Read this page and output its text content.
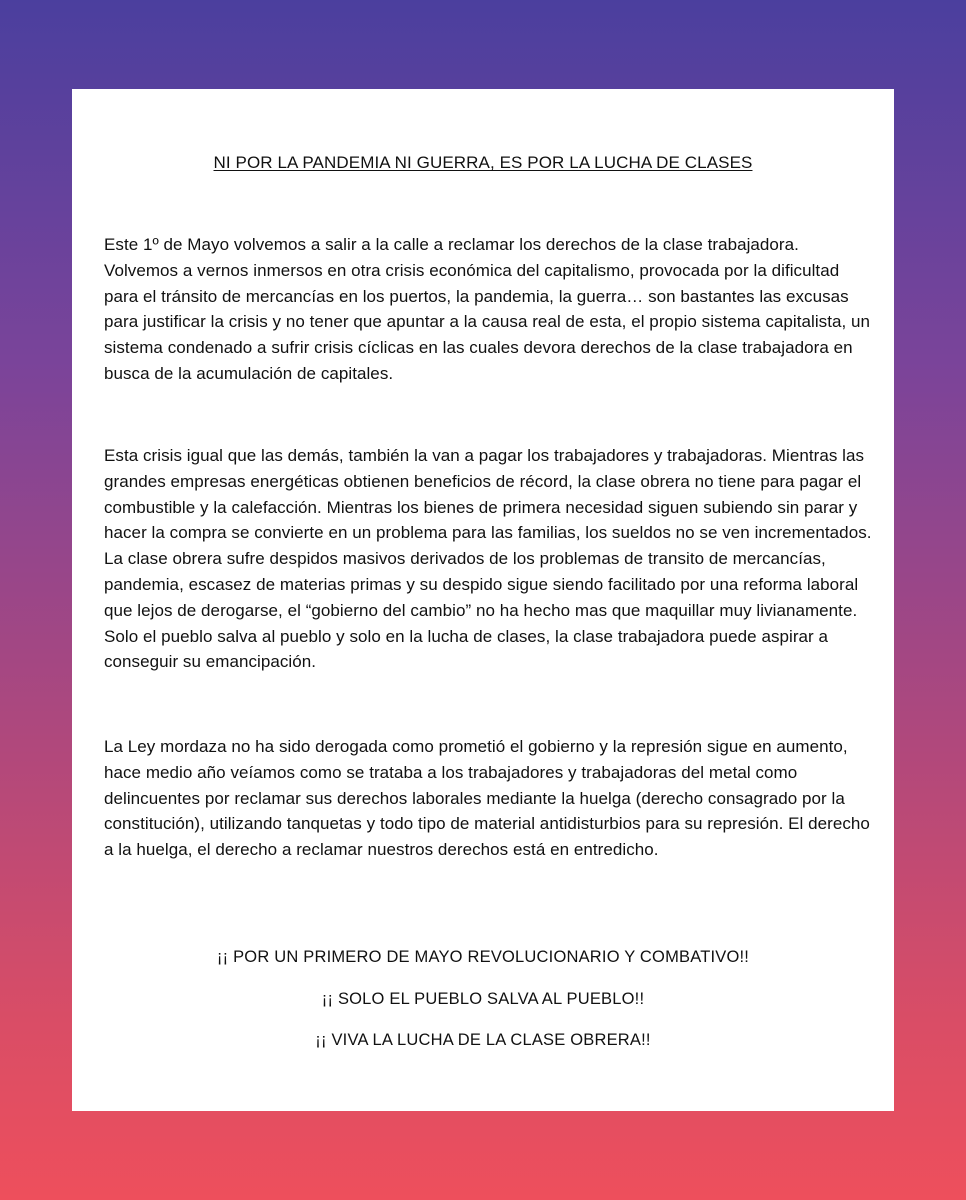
NI POR LA PANDEMIA NI GUERRA, ES POR LA LUCHA DE CLASES

Este 1º de Mayo volvemos a salir a la calle a reclamar los derechos de la clase trabajadora. Volvemos a vernos inmersos en otra crisis económica del capitalismo, provocada por la dificultad para el tránsito de mercancías en los puertos, la pandemia, la guerra… son bastantes las excusas para justificar la crisis y no tener que apuntar a la causa real de esta, el propio sistema capitalista, un sistema condenado a sufrir crisis cíclicas en las cuales devora derechos de la clase trabajadora en busca de la acumulación de capitales.

Esta crisis igual que las demás, también la van a pagar los trabajadores y trabajadoras. Mientras las grandes empresas energéticas obtienen beneficios de récord, la clase obrera no tiene para pagar el combustible y la calefacción. Mientras los bienes de primera necesidad siguen subiendo sin parar y hacer la compra se convierte en un problema para las familias, los sueldos no se ven incrementados. La clase obrera sufre despidos masivos derivados de los problemas de transito de mercancías, pandemia, escasez de materias primas y su despido sigue siendo facilitado por una reforma laboral que lejos de derogarse, el “gobierno del cambio” no ha hecho mas que maquillar muy livianamente. Solo el pueblo salva al pueblo y solo en la lucha de clases, la clase trabajadora puede aspirar a conseguir su emancipación.

La Ley mordaza no ha sido derogada como prometió el gobierno y la represión sigue en aumento, hace medio año veíamos como se trataba a los trabajadores y trabajadoras del metal como delincuentes por reclamar sus derechos laborales mediante la huelga (derecho consagrado por la constitución), utilizando tanquetas y todo tipo de material antidisturbios para su represión. El derecho a la huelga, el derecho a reclamar nuestros derechos está en entredicho.

¡¡ POR UN PRIMERO DE MAYO REVOLUCIONARIO Y COMBATIVO!!

¡¡ SOLO EL PUEBLO SALVA AL PUEBLO!!

¡¡ VIVA LA LUCHA DE LA CLASE OBRERA!!
